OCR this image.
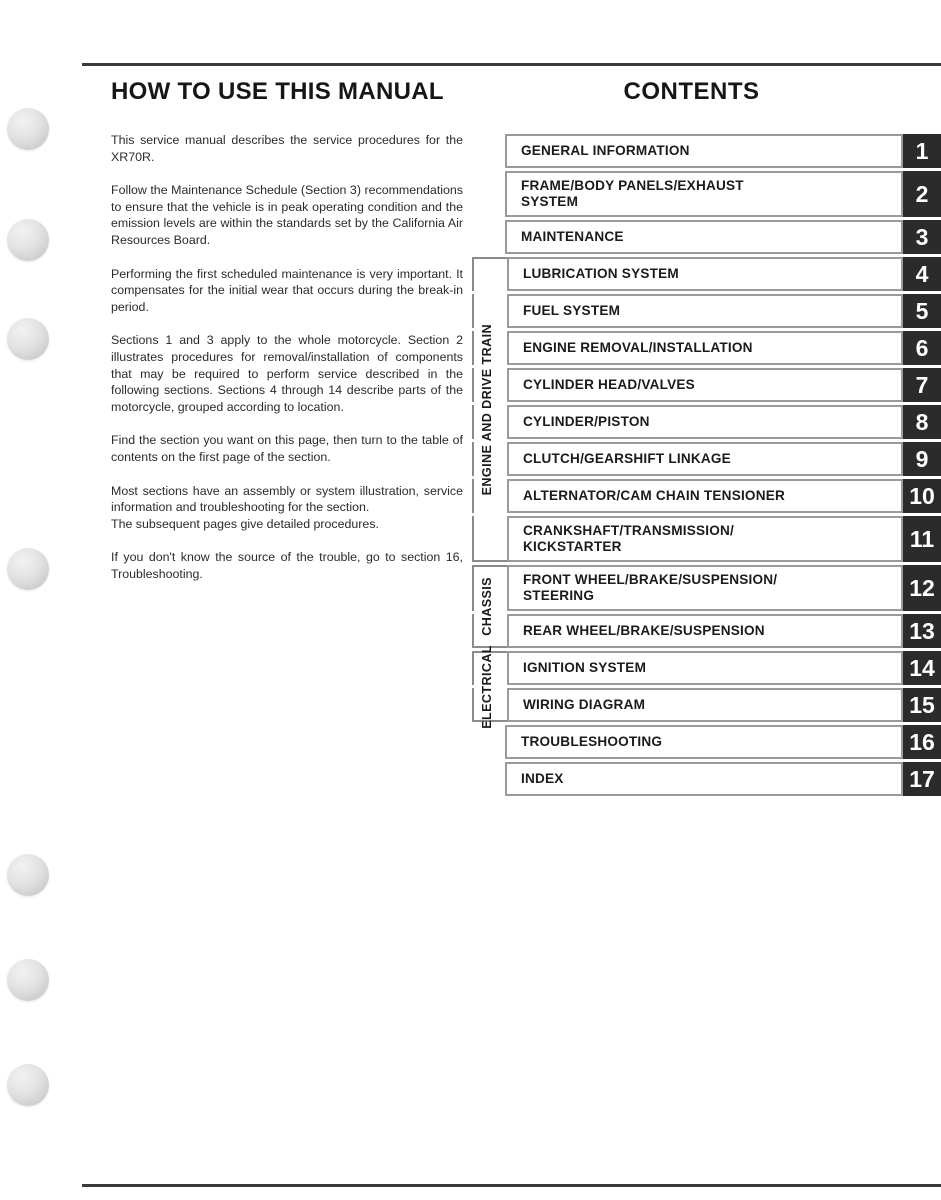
HOW TO USE THIS MANUAL

This service manual describes the service procedures for the XR70R.

Follow the Maintenance Schedule (Section 3) recommendations to ensure that the vehicle is in peak operating condition and the emission levels are within the standards set by the California Air Resources Board.

Performing the first scheduled maintenance is very important. It compensates for the initial wear that occurs during the break-in period.

Sections 1 and 3 apply to the whole motorcycle. Section 2 illustrates procedures for removal/installation of components that may be required to perform service described in the following sections. Sections 4 through 14 describe parts of the motorcycle, grouped according to location.

Find the section you want on this page, then turn to the table of contents on the first page of the section.

Most sections have an assembly or system illustration, service information and troubleshooting for the section.

The subsequent pages give detailed procedures.

If you don't know the source of the trouble, go to section 16, Troubleshooting.

CONTENTS
GENERAL INFORMATION	1
FRAME/BODY PANELS/EXHAUST
SYSTEM	2
MAINTENANCE	3
LUBRICATION SYSTEM	4
FUEL SYSTEM	5
ENGINE REMOVAL/INSTALLATION	6
CYLINDER HEAD/VALVES	7
CYLINDER/PISTON	8
CLUTCH/GEARSHIFT LINKAGE	9
ALTERNATOR/CAM CHAIN TENSIONER	10
CRANKSHAFT/TRANSMISSION/
KICKSTARTER	11
FRONT WHEEL/BRAKE/SUSPENSION/
STEERING	12
REAR WHEEL/BRAKE/SUSPENSION	13
IGNITION SYSTEM	14
WIRING DIAGRAM	15
TROUBLESHOOTING	16
INDEX	17
ENGINE AND DRIVE TRAIN
CHASSIS
ELECTRICAL
